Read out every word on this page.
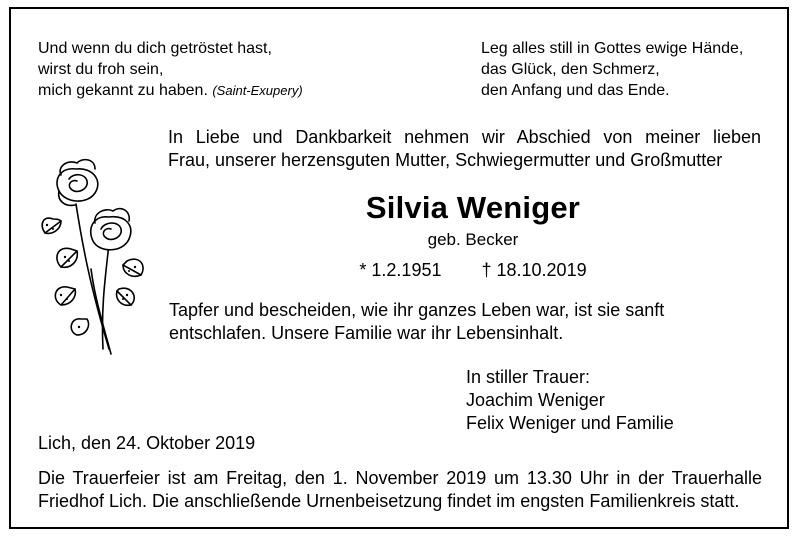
Und wenn du dich getröstet hast,
wirst du froh sein,
mich gekannt zu haben. (Saint-Exupery)
Leg alles still in Gottes ewige Hände,
das Glück, den Schmerz,
den Anfang und das Ende.
In Liebe und Dankbarkeit nehmen wir Abschied von meiner lieben
Frau, unserer herzensguten Mutter, Schwiegermutter und Großmutter
Silvia Weniger
geb. Becker
* 1.2.1951 † 18.10.2019
Tapfer und bescheiden, wie ihr ganzes Leben war, ist sie sanft
entschlafen. Unsere Familie war ihr Lebensinhalt.
In stiller Trauer:
Joachim Weniger
Felix Weniger und Familie
Lich, den 24. Oktober 2019
Die Trauerfeier ist am Freitag, den 1. November 2019 um 13.30 Uhr in der Trauerhalle
Friedhof Lich. Die anschließende Urnenbeisetzung findet im engsten Familienkreis statt.
